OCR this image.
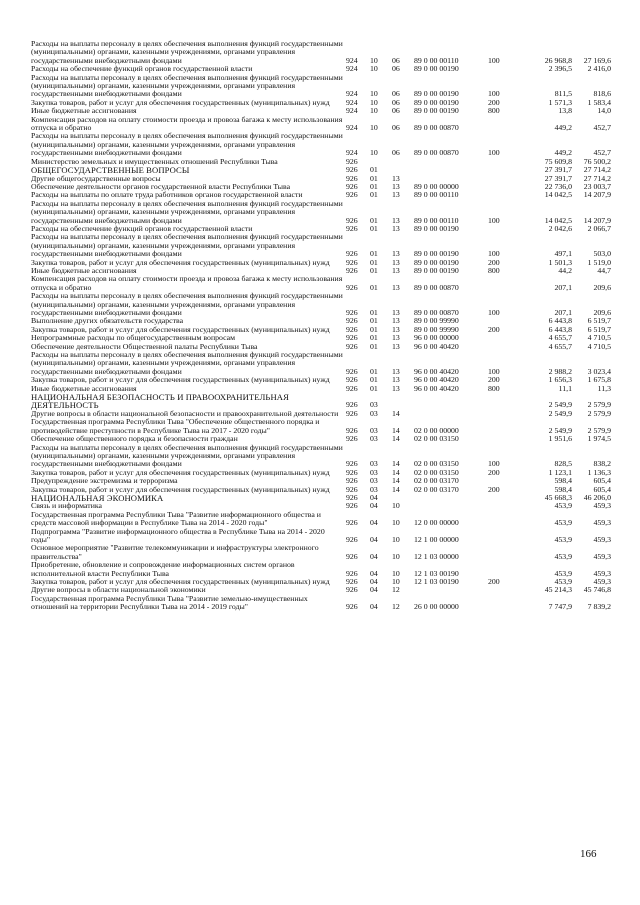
Расходы на выплаты персоналу в целях обеспечения выполнения функций государственными (муниципальными) органами, казенными учреждениями, органами управления государственными внебюджетными фондами	924	10	06	89 0 00 00110	100	26 968,8	27 169,6
Расходы на обеспечение функций органов государственной власти	924	10	06	89 0 00 00190		2 396,5	2 416,0
Расходы на выплаты персоналу в целях обеспечения выполнения функций государственными (муниципальными) органами, казенными учреждениями, органами управления государственными внебюджетными фондами	924	10	06	89 0 00 00190	100	811,5	818,6
Закупка товаров, работ и услуг для обеспечения государственных (муниципальных) нужд	924	10	06	89 0 00 00190	200	1 571,3	1 583,4
Иные бюджетные ассигнования	924	10	06	89 0 00 00190	800	13,8	14,0
Компенсация расходов на оплату стоимости проезда и провоза багажа к месту использования отпуска и обратно	924	10	06	89 0 00 00870		449,2	452,7
Расходы на выплаты персоналу в целях обеспечения выполнения функций государственными (муниципальными) органами, казенными учреждениями, органами управления государственными внебюджетными фондами	924	10	06	89 0 00 00870	100	449,2	452,7
Министерство земельных и имущественных отношений Республики Тыва	926					75 609,8	76 500,2
ОБЩЕГОСУДАРСТВЕННЫЕ ВОПРОСЫ	926	01				27 391,7	27 714,2
Другие общегосударственные вопросы	926	01	13			27 391,7	27 714,2
Обеспечение деятельности органов государственной власти Республики Тыва	926	01	13	89 0 00 00000		22 736,0	23 003,7
Расходы на выплаты по оплате труда работников органов государственной власти	926	01	13	89 0 00 00110		14 042,5	14 207,9
Расходы на выплаты персоналу в целях обеспечения выполнения функций государственными (муниципальными) органами, казенными учреждениями, органами управления государственными внебюджетными фондами	926	01	13	89 0 00 00110	100	14 042,5	14 207,9
Расходы на обеспечение функций органов государственной власти	926	01	13	89 0 00 00190		2 042,6	2 066,7
Расходы на выплаты персоналу в целях обеспечения выполнения функций государственными (муниципальными) органами, казенными учреждениями, органами управления государственными внебюджетными фондами	926	01	13	89 0 00 00190	100	497,1	503,0
Закупка товаров, работ и услуг для обеспечения государственных (муниципальных) нужд	926	01	13	89 0 00 00190	200	1 501,3	1 519,0
Иные бюджетные ассигнования	926	01	13	89 0 00 00190	800	44,2	44,7
Компенсация расходов на оплату стоимости проезда и провоза багажа к месту использования отпуска и обратно	926	01	13	89 0 00 00870		207,1	209,6
Расходы на выплаты персоналу в целях обеспечения выполнения функций государственными (муниципальными) органами, казенными учреждениями, органами управления государственными внебюджетными фондами	926	01	13	89 0 00 00870	100	207,1	209,6
Выполнение других обязательств государства	926	01	13	89 0 00 99990		6 443,8	6 519,7
Закупка товаров, работ и услуг для обеспечения государственных (муниципальных) нужд	926	01	13	89 0 00 99990	200	6 443,8	6 519,7
Непрограммные расходы по общегосударственным вопросам	926	01	13	96 0 00 00000		4 655,7	4 710,5
Обеспечение деятельности Общественной палаты Республики Тыва	926	01	13	96 0 00 40420		4 655,7	4 710,5
Расходы на выплаты персоналу в целях обеспечения выполнения функций государственными (муниципальными) органами, казенными учреждениями, органами управления государственными внебюджетными фондами	926	01	13	96 0 00 40420	100	2 988,2	3 023,4
Закупка товаров, работ и услуг для обеспечения государственных (муниципальных) нужд	926	01	13	96 0 00 40420	200	1 656,3	1 675,8
Иные бюджетные ассигнования	926	01	13	96 0 00 40420	800	11,1	11,3
НАЦИОНАЛЬНАЯ БЕЗОПАСНОСТЬ И ПРАВООХРАНИТЕЛЬНАЯ ДЕЯТЕЛЬНОСТЬ	926	03				2 549,9	2 579,9
Другие вопросы в области национальной безопасности и правоохранительной деятельности	926	03	14			2 549,9	2 579,9
Государственная программа Республики Тыва "Обеспечение общественного порядка и противодействие преступности в Республике Тыва на 2017 - 2020 годы"	926	03	14	02 0 00 00000		2 549,9	2 579,9
Обеспечение общественного порядка и безопасности граждан	926	03	14	02 0 00 03150		1 951,6	1 974,5
Расходы на выплаты персоналу в целях обеспечения выполнения функций государственными (муниципальными) органами, казенными учреждениями, органами управления государственными внебюджетными фондами	926	03	14	02 0 00 03150	100	828,5	838,2
Закупка товаров, работ и услуг для обеспечения государственных (муниципальных) нужд	926	03	14	02 0 00 03150	200	1 123,1	1 136,3
Предупреждение экстремизма и терроризма	926	03	14	02 0 00 03170		598,4	605,4
Закупка товаров, работ и услуг для обеспечения государственных (муниципальных) нужд	926	03	14	02 0 00 03170	200	598,4	605,4
НАЦИОНАЛЬНАЯ ЭКОНОМИКА	926	04				45 668,3	46 206,0
Связь и информатика	926	04	10			453,9	459,3
Государственная программа Республики Тыва "Развитие информационного общества и средств массовой информации в Республике Тыва на 2014 - 2020 годы"	926	04	10	12 0 00 00000		453,9	459,3
Подпрограмма "Развитие информационного общества в Республике Тыва на 2014 - 2020 годы"	926	04	10	12 1 00 00000		453,9	459,3
Основное мероприятие "Развитие телекоммуникации и инфраструктуры электронного правительства"	926	04	10	12 1 03 00000		453,9	459,3
Приобретение, обновление и сопровождение информационных систем органов исполнительной власти Республики Тыва	926	04	10	12 1 03 00190		453,9	459,3
Закупка товаров, работ и услуг для обеспечения государственных (муниципальных) нужд	926	04	10	12 1 03 00190	200	453,9	459,3
Другие вопросы в области национальной экономики	926	04	12			45 214,3	45 746,8
Государственная программа Республики Тыва "Развитие земельно-имущественных отношений на территории Республики Тыва на 2014 - 2019 годы"	926	04	12	26 0 00 00000		7 747,9	7 839,2
166
